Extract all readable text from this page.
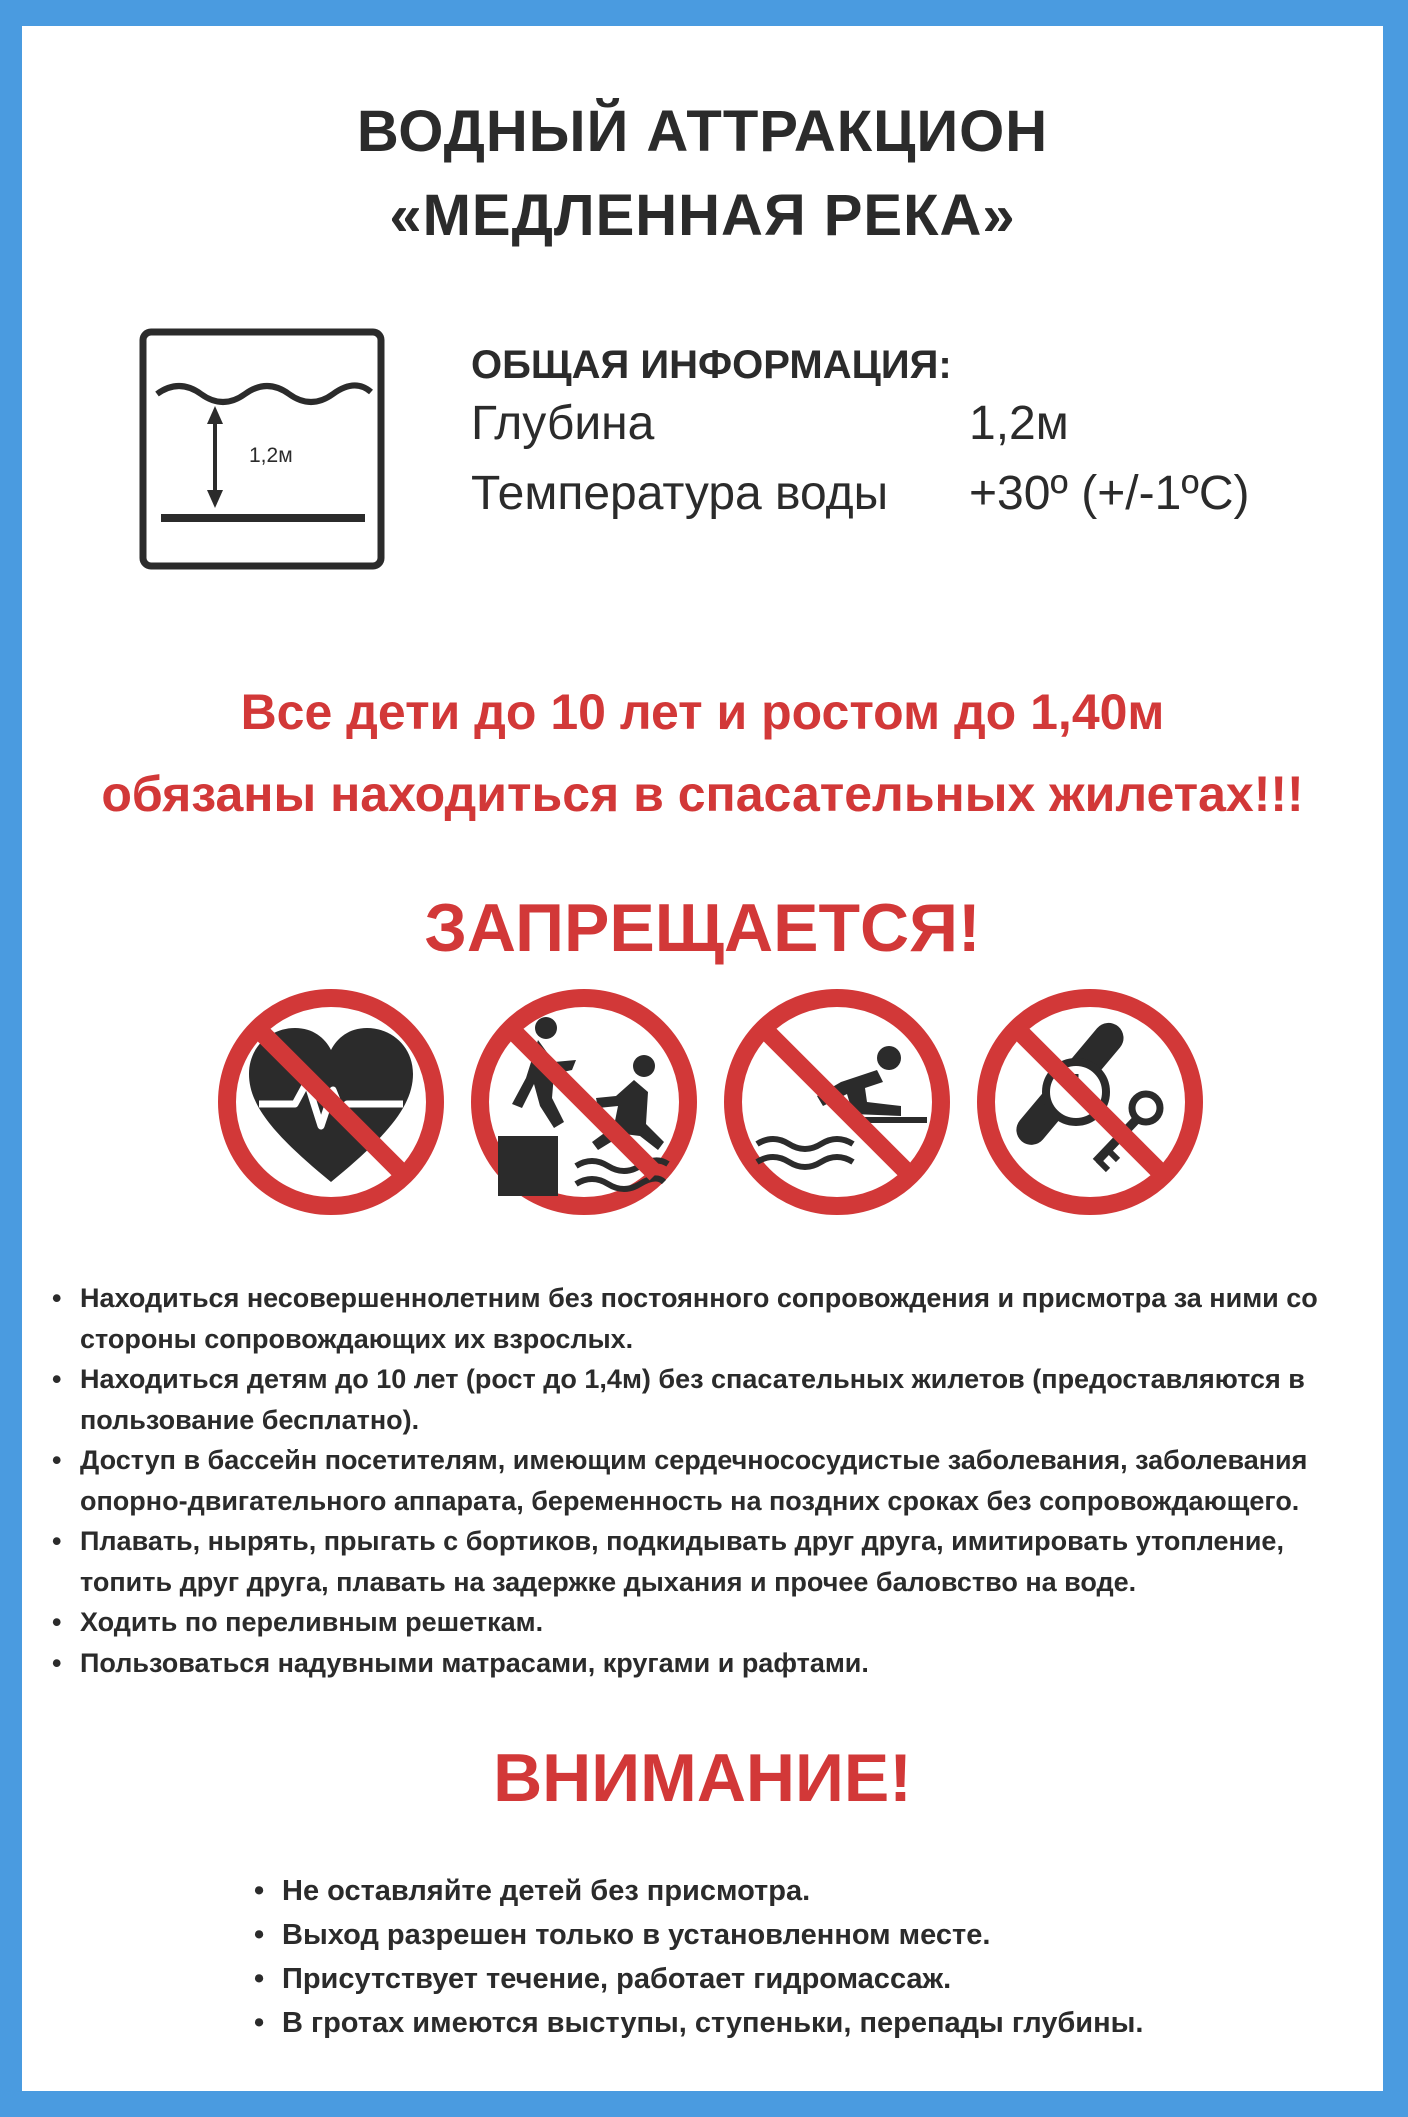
ВОДНЫЙ АТТРАКЦИОН
«МЕДЛЕННАЯ РЕКА»
1,2м
ОБЩАЯ ИНФОРМАЦИЯ:
Глубина	1,2м
Температура воды +30º (+/-1ºС)
Все дети до 10 лет и ростом до 1,40м
обязаны находиться в спасательных жилетах!!!
ЗАПРЕЩАЕТСЯ!
• Находиться несовершеннолетним без постоянного сопровождения и присмотра за ними со стороны сопровождающих их взрослых.
• Находиться детям до 10 лет (рост до 1,4м) без спасательных жилетов (предоставляются в пользование бесплатно).
• Доступ в бассейн посетителям, имеющим сердечнососудистые заболевания, заболевания опорно-двигательного аппарата, беременность на поздних сроках без сопровождающего.
• Плавать, нырять, прыгать с бортиков, подкидывать друг друга, имитировать утопление, топить друг друга, плавать на задержке дыхания и прочее баловство на воде.
• Ходить по переливным решеткам.
• Пользоваться надувными матрасами, кругами и рафтами.
ВНИМАНИЕ!
• Не оставляйте детей без присмотра.
• Выход разрешен только в установленном месте.
• Присутствует течение, работает гидромассаж.
• В гротах имеются выступы, ступеньки, перепады глубины.
